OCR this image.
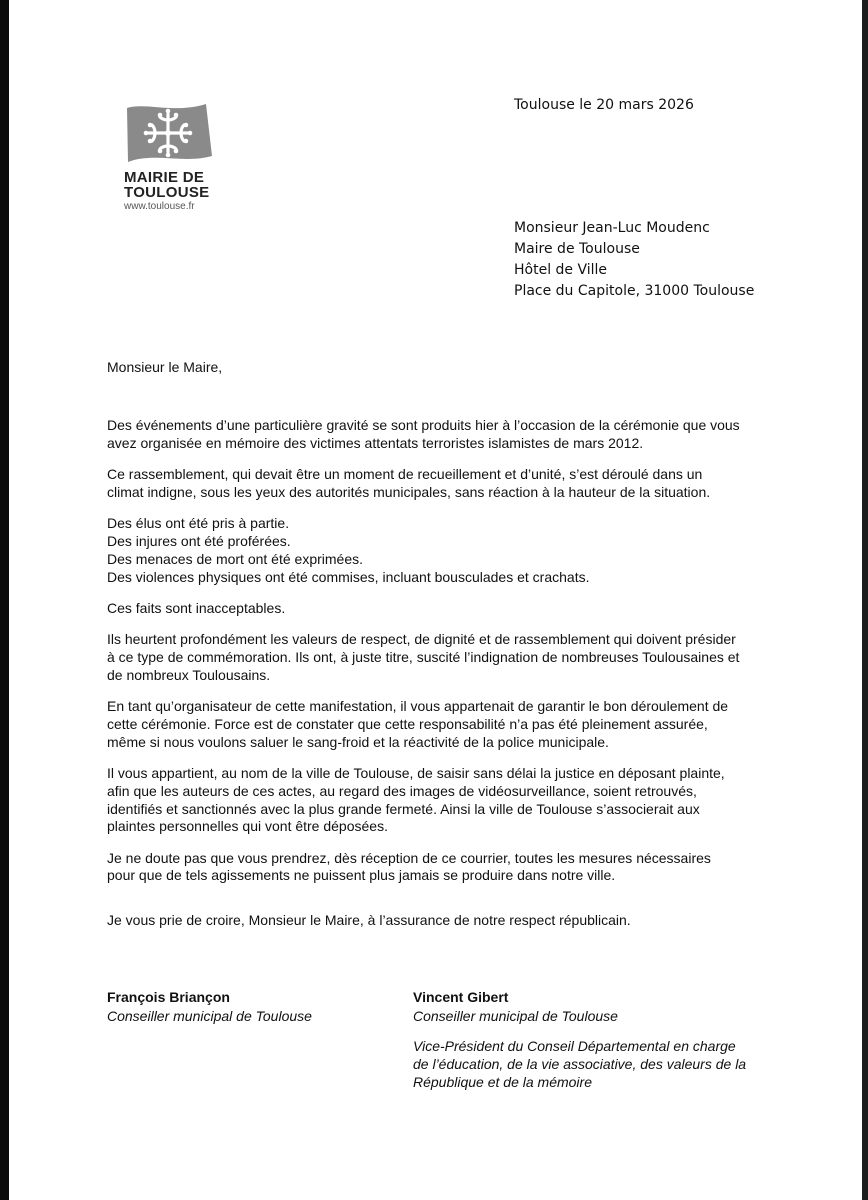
MAIRIE DE
TOULOUSE
www.toulouse.fr
Toulouse le 20 mars 2026
Monsieur Jean-Luc Moudenc
Maire de Toulouse
Hôtel de Ville
Place du Capitole, 31000 Toulouse
Monsieur le Maire,
Des événements d’une particulière gravité se sont produits hier à l’occasion de la cérémonie que vous
avez organisée en mémoire des victimes attentats terroristes islamistes de mars 2012.
Ce rassemblement, qui devait être un moment de recueillement et d’unité, s’est déroulé dans un
climat indigne, sous les yeux des autorités municipales, sans réaction à la hauteur de la situation.
Des élus ont été pris à partie.
Des injures ont été proférées.
Des menaces de mort ont été exprimées.
Des violences physiques ont été commises, incluant bousculades et crachats.
Ces faits sont inacceptables.
Ils heurtent profondément les valeurs de respect, de dignité et de rassemblement qui doivent présider
à ce type de commémoration. Ils ont, à juste titre, suscité l’indignation de nombreuses Toulousaines et
de nombreux Toulousains.
En tant qu’organisateur de cette manifestation, il vous appartenait de garantir le bon déroulement de
cette cérémonie. Force est de constater que cette responsabilité n’a pas été pleinement assurée,
même si nous voulons saluer le sang-froid et la réactivité de la police municipale.
Il vous appartient, au nom de la ville de Toulouse, de saisir sans délai la justice en déposant plainte,
afin que les auteurs de ces actes, au regard des images de vidéosurveillance, soient retrouvés,
identifiés et sanctionnés avec la plus grande fermeté. Ainsi la ville de Toulouse s’associerait aux
plaintes personnelles qui vont être déposées.
Je ne doute pas que vous prendrez, dès réception de ce courrier, toutes les mesures nécessaires
pour que de tels agissements ne puissent plus jamais se produire dans notre ville.
Je vous prie de croire, Monsieur le Maire, à l’assurance de notre respect républicain.
François Briançon
Conseiller municipal de Toulouse
Vincent Gibert
Conseiller municipal de Toulouse
Vice-Président du Conseil Départemental en charge
de l’éducation, de la vie associative, des valeurs de la
République et de la mémoire
